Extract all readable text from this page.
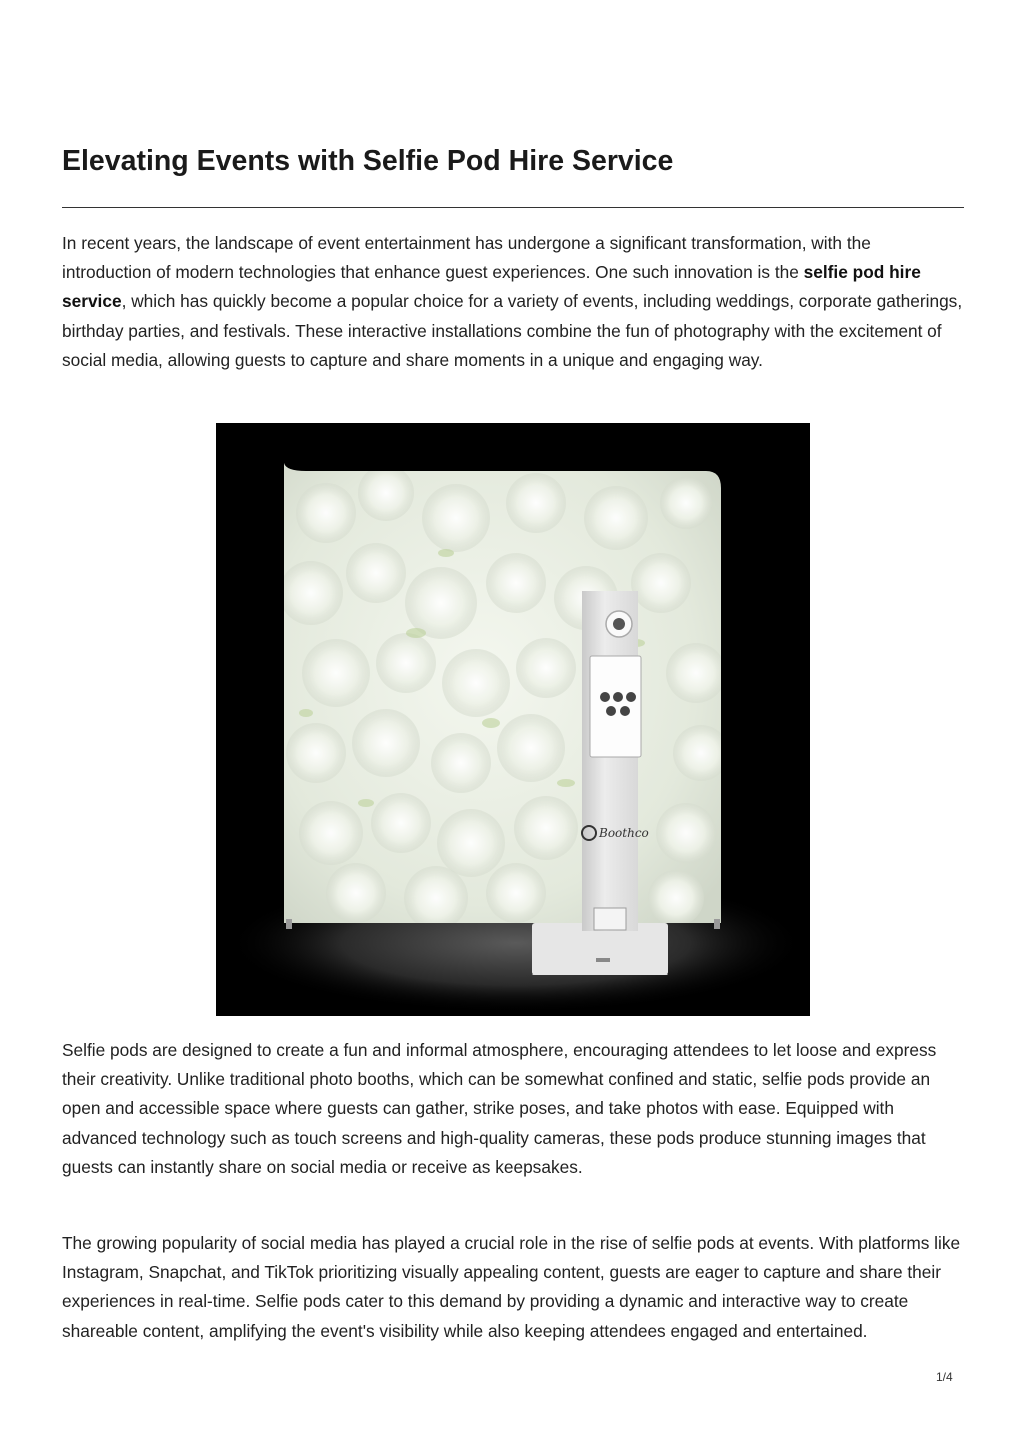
Elevating Events with Selfie Pod Hire Service

In recent years, the landscape of event entertainment has undergone a significant transformation, with the introduction of modern technologies that enhance guest experiences. One such innovation is the selfie pod hire service, which has quickly become a popular choice for a variety of events, including weddings, corporate gatherings, birthday parties, and festivals. These interactive installations combine the fun of photography with the excitement of social media, allowing guests to capture and share moments in a unique and engaging way.

Boothco

Selfie pods are designed to create a fun and informal atmosphere, encouraging attendees to let loose and express their creativity. Unlike traditional photo booths, which can be somewhat confined and static, selfie pods provide an open and accessible space where guests can gather, strike poses, and take photos with ease. Equipped with advanced technology such as touch screens and high-quality cameras, these pods produce stunning images that guests can instantly share on social media or receive as keepsakes.

The growing popularity of social media has played a crucial role in the rise of selfie pods at events. With platforms like Instagram, Snapchat, and TikTok prioritizing visually appealing content, guests are eager to capture and share their experiences in real-time. Selfie pods cater to this demand by providing a dynamic and interactive way to create shareable content, amplifying the event's visibility while also keeping attendees engaged and entertained.

1/4
